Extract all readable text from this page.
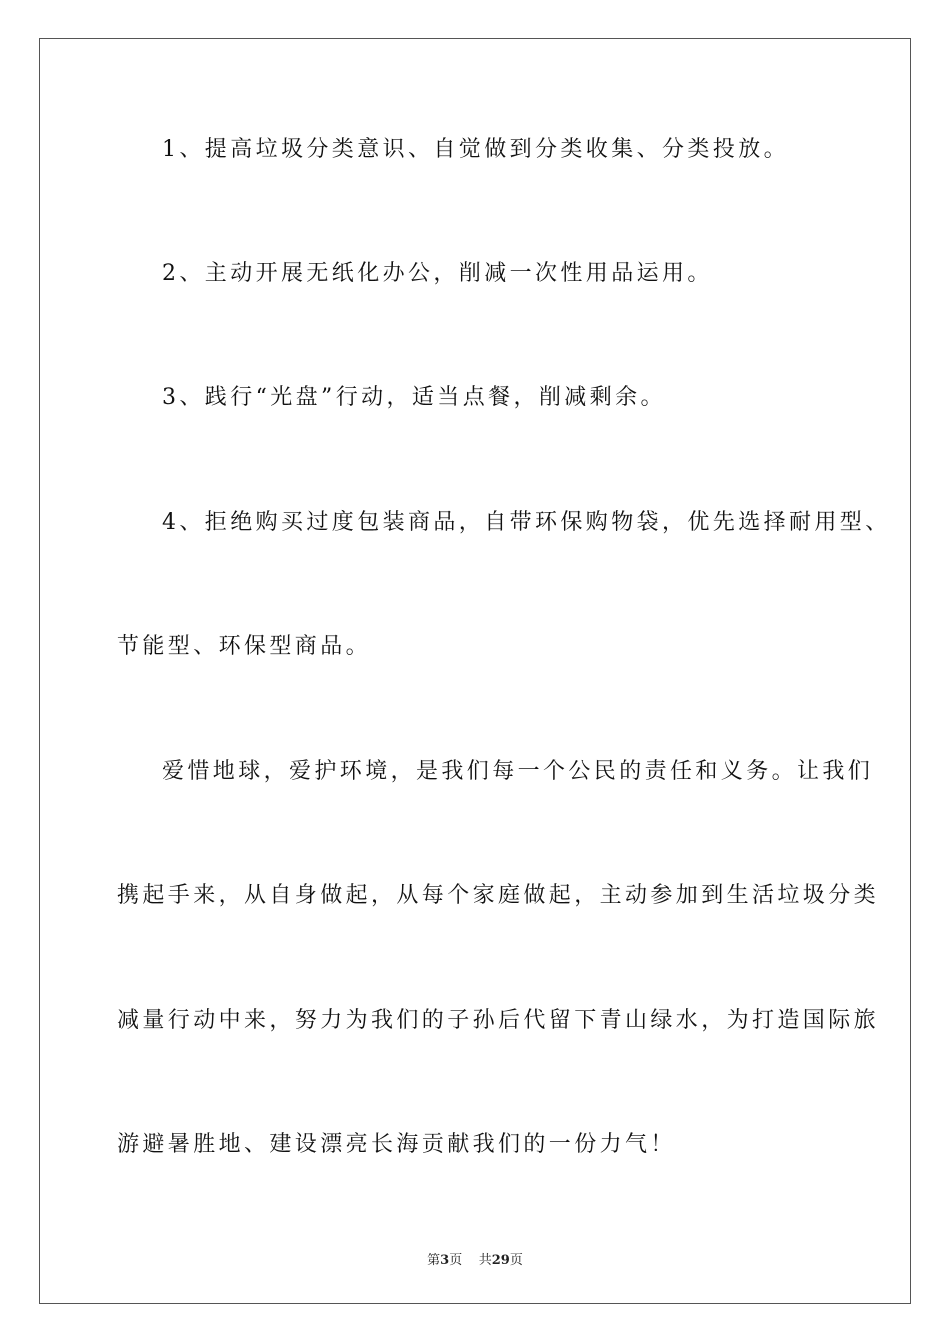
1、提高垃圾分类意识、自觉做到分类收集、分类投放。
2、主动开展无纸化办公，削减一次性用品运用。
3、践行“光盘”行动，适当点餐，削减剩余。
4、拒绝购买过度包装商品，自带环保购物袋，优先选择耐用型、
节能型、环保型商品。
爱惜地球，爱护环境，是我们每一个公民的责任和义务。让我们
携起手来，从自身做起，从每个家庭做起，主动参加到生活垃圾分类
减量行动中来，努力为我们的子孙后代留下青山绿水，为打造国际旅
游避暑胜地、建设漂亮长海贡献我们的一份力气！
第3页 共29页
